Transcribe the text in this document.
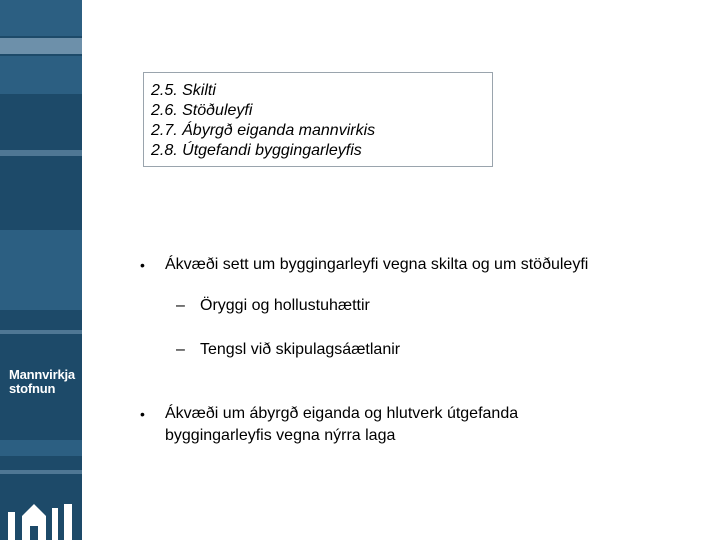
Mannvirkja
stofnun
2.5. Skilti
2.6. Stöðuleyfi
2.7. Ábyrgð eiganda mannvirkis
2.8. Útgefandi byggingarleyfis
• Ákvæði sett um byggingarleyfi vegna skilta og um stöðuleyfi
– Öryggi og hollustuhættir
– Tengsl við skipulagsáætlanir
• Ákvæði um ábyrgð eiganda og hlutverk útgefanda
byggingarleyfis vegna nýrra laga
